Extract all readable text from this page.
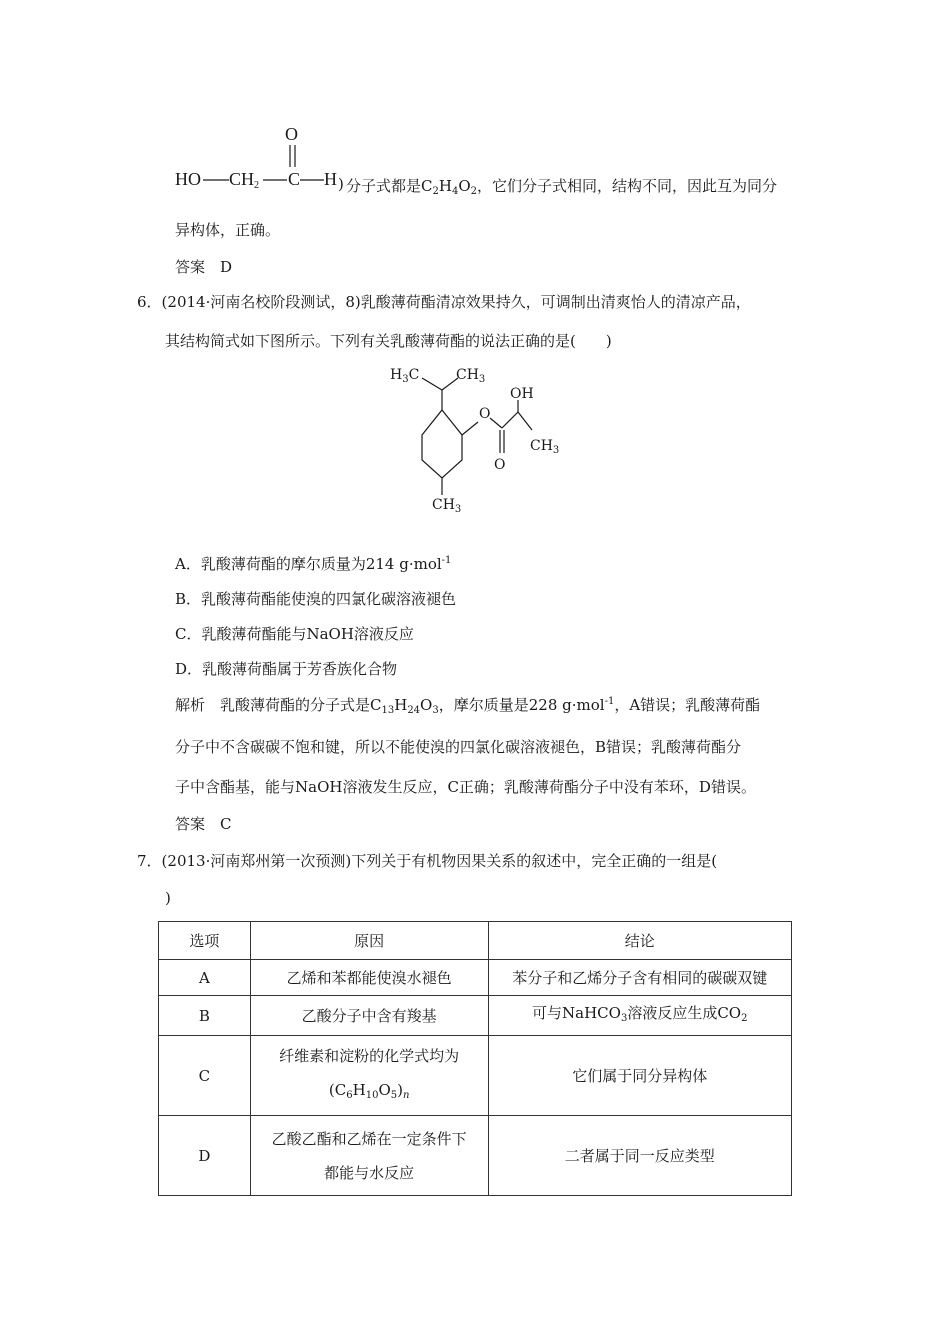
O
HO $CH_2$ C H ) 分子式都是$C_2H_4O_2$，它们分子式相同，结构不同，因此互为同分
异构体，正确。
答案　D
6．(2014·河南名校阶段测试，8)乳酸薄荷酯清凉效果持久，可调制出清爽怡人的清凉产品，
其结构简式如下图所示。下列有关乳酸薄荷酯的说法正确的是(　　)
$H_3C$	$CH_3$
O
OH
O
$CH_3$
$CH_3$
A．乳酸薄荷酯的摩尔质量为214 g·mol$^{-1}$
B．乳酸薄荷酯能使溴的四氯化碳溶液褪色
C．乳酸薄荷酯能与NaOH溶液反应
D．乳酸薄荷酯属于芳香族化合物
解析　乳酸薄荷酯的分子式是$C_{13}H_{24}O_3$，摩尔质量是228 g·mol$^{-1}$，A错误；乳酸薄荷酯
分子中不含碳碳不饱和键，所以不能使溴的四氯化碳溶液褪色，B错误；乳酸薄荷酯分
子中含酯基，能与NaOH溶液发生反应，C正确；乳酸薄荷酯分子中没有苯环，D错误。
答案　C
7．(2013·河南郑州第一次预测)下列关于有机物因果关系的叙述中，完全正确的一组是(
)
选项	原因	结论
A	乙烯和苯都能使溴水褪色	苯分子和乙烯分子含有相同的碳碳双键
B	乙酸分子中含有羧基	可与NaHCO$_3$溶液反应生成$CO_2$
C	纤维素和淀粉的化学式均为
$(C_6H_{10}O_5)_n$	它们属于同分异构体
D	乙酸乙酯和乙烯在一定条件下
都能与水反应	二者属于同一反应类型
